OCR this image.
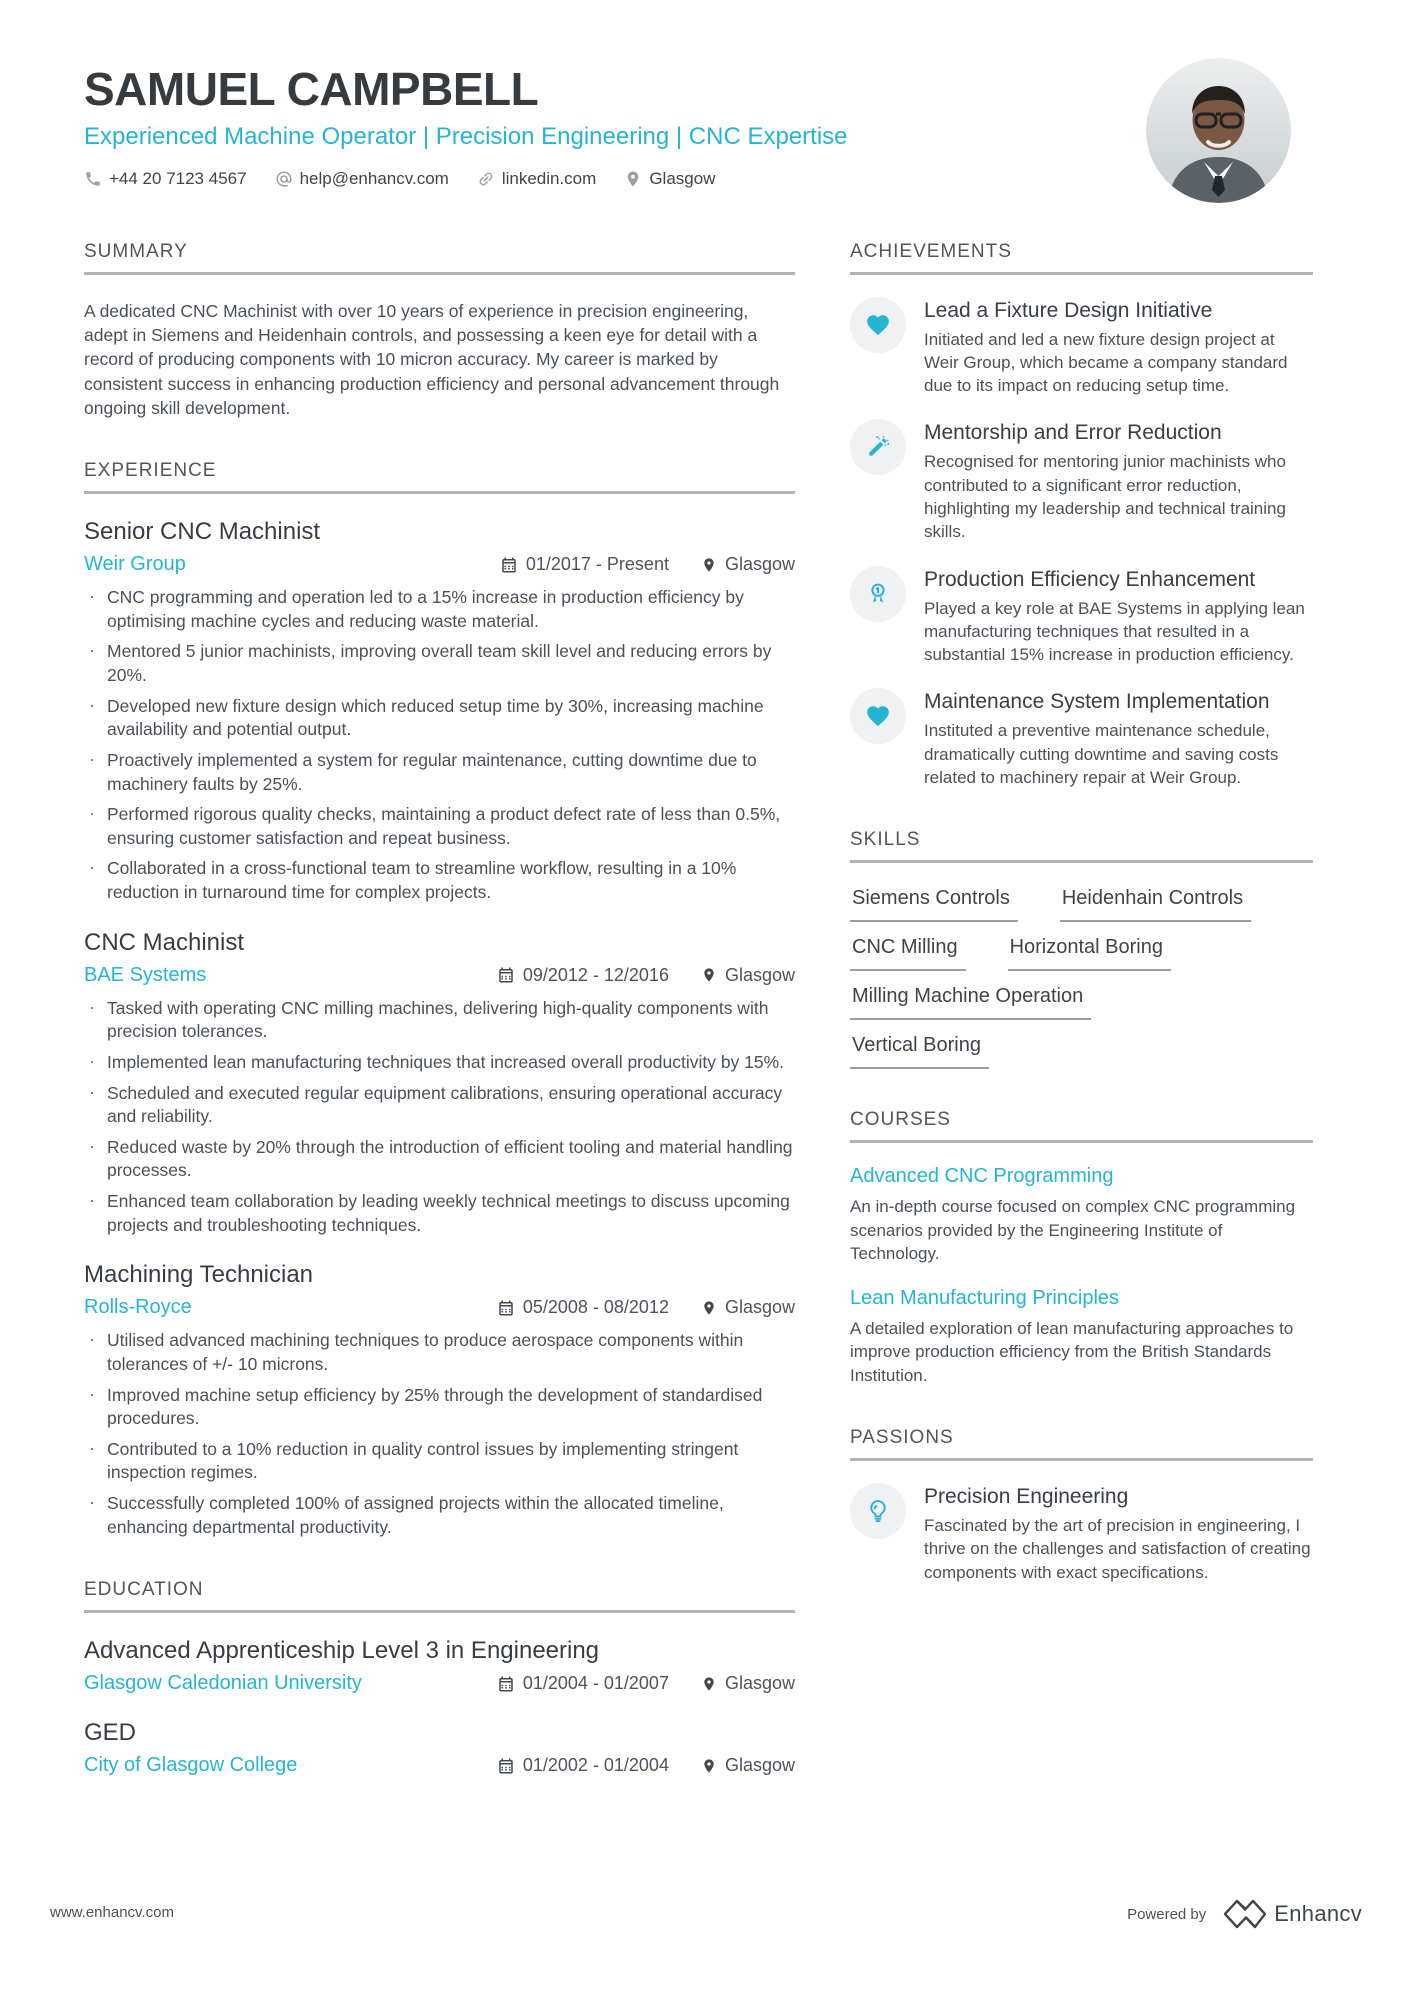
SAMUEL CAMPBELL
Experienced Machine Operator | Precision Engineering | CNC Expertise
+44 20 7123 4567	help@enhancv.com	linkedin.com	Glasgow
SUMMARY
A dedicated CNC Machinist with over 10 years of experience in precision engineering, adept in Siemens and Heidenhain controls, and possessing a keen eye for detail with a record of producing components with 10 micron accuracy. My career is marked by consistent success in enhancing production efficiency and personal advancement through ongoing skill development.
EXPERIENCE
Senior CNC Machinist
Weir Group	01/2017 - Present	Glasgow
· CNC programming and operation led to a 15% increase in production efficiency by optimising machine cycles and reducing waste material.
· Mentored 5 junior machinists, improving overall team skill level and reducing errors by 20%.
· Developed new fixture design which reduced setup time by 30%, increasing machine availability and potential output.
· Proactively implemented a system for regular maintenance, cutting downtime due to machinery faults by 25%.
· Performed rigorous quality checks, maintaining a product defect rate of less than 0.5%, ensuring customer satisfaction and repeat business.
· Collaborated in a cross-functional team to streamline workflow, resulting in a 10% reduction in turnaround time for complex projects.
CNC Machinist
BAE Systems	09/2012 - 12/2016	Glasgow
· Tasked with operating CNC milling machines, delivering high-quality components with precision tolerances.
· Implemented lean manufacturing techniques that increased overall productivity by 15%.
· Scheduled and executed regular equipment calibrations, ensuring operational accuracy and reliability.
· Reduced waste by 20% through the introduction of efficient tooling and material handling processes.
· Enhanced team collaboration by leading weekly technical meetings to discuss upcoming projects and troubleshooting techniques.
Machining Technician
Rolls-Royce	05/2008 - 08/2012	Glasgow
· Utilised advanced machining techniques to produce aerospace components within tolerances of +/- 10 microns.
· Improved machine setup efficiency by 25% through the development of standardised procedures.
· Contributed to a 10% reduction in quality control issues by implementing stringent inspection regimes.
· Successfully completed 100% of assigned projects within the allocated timeline, enhancing departmental productivity.
EDUCATION
Advanced Apprenticeship Level 3 in Engineering
Glasgow Caledonian University	01/2004 - 01/2007	Glasgow
GED
City of Glasgow College	01/2002 - 01/2004	Glasgow
ACHIEVEMENTS
Lead a Fixture Design Initiative
Initiated and led a new fixture design project at Weir Group, which became a company standard due to its impact on reducing setup time.
Mentorship and Error Reduction
Recognised for mentoring junior machinists who contributed to a significant error reduction, highlighting my leadership and technical training skills.
Production Efficiency Enhancement
Played a key role at BAE Systems in applying lean manufacturing techniques that resulted in a substantial 15% increase in production efficiency.
Maintenance System Implementation
Instituted a preventive maintenance schedule, dramatically cutting downtime and saving costs related to machinery repair at Weir Group.
SKILLS
Siemens Controls	Heidenhain Controls
CNC Milling	Horizontal Boring
Milling Machine Operation
Vertical Boring
COURSES
Advanced CNC Programming
An in-depth course focused on complex CNC programming scenarios provided by the Engineering Institute of Technology.
Lean Manufacturing Principles
A detailed exploration of lean manufacturing approaches to improve production efficiency from the British Standards Institution.
PASSIONS
Precision Engineering
Fascinated by the art of precision in engineering, I thrive on the challenges and satisfaction of creating components with exact specifications.
www.enhancv.com	Powered by	Enhancv
